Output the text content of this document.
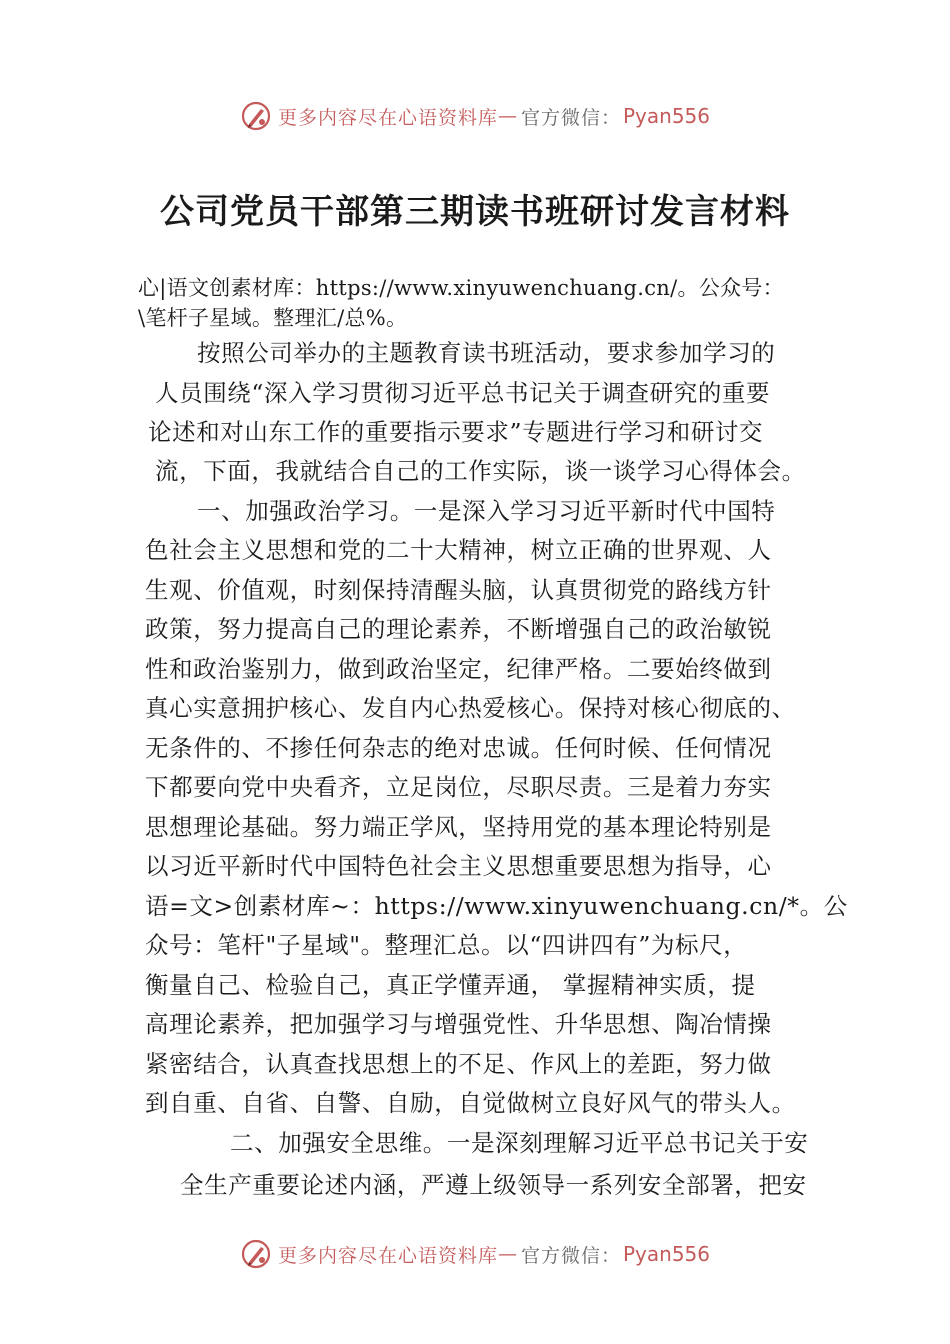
更多内容尽在心语资料库 — 官方微信： Pyan556
公司党员干部第三期读书班研讨发言材料

心|语文创素材库：https://www.xinyuwenchuang.cn/。公众号：

\笔杆子星域。整理汇/总%。

按照公司举办的主题教育读书班活动，要求参加学习的

人员围绕“深入学习贯彻习近平总书记关于调查研究的重要

论述和对山东工作的重要指示要求”专题进行学习和研讨交

流，下面，我就结合自己的工作实际，谈一谈学习心得体会。

一、加强政治学习。一是深入学习习近平新时代中国特

色社会主义思想和党的二十大精神，树立正确的世界观、人

生观、价值观，时刻保持清醒头脑，认真贯彻党的路线方针

政策，努力提高自己的理论素养，不断增强自己的政治敏锐

性和政治鉴别力，做到政治坚定，纪律严格。二要始终做到

真心实意拥护核心、发自内心热爱核心。保持对核心彻底的、

无条件的、不掺任何杂志的绝对忠诚。任何时候、任何情况

下都要向党中央看齐，立足岗位，尽职尽责。三是着力夯实

思想理论基础。努力端正学风，坚持用党的基本理论特别是

以习近平新时代中国特色社会主义思想重要思想为指导，心

语=文>创素材库~：https://www.xinyuwenchuang.cn/*。公

众号：笔杆"子星域"。整理汇总。以“四讲四有”为标尺，

衡量自己、检验自己，真正学懂弄通， 掌握精神实质，提

高理论素养，把加强学习与增强党性、升华思想、陶冶情操

紧密结合，认真查找思想上的不足、作风上的差距，努力做

到自重、自省、自警、自励，自觉做树立良好风气的带头人。

二、加强安全思维。一是深刻理解习近平总书记关于安

全生产重要论述内涵，严遵上级领导一系列安全部署，把安

更多内容尽在心语资料库 — 官方微信： Pyan556
